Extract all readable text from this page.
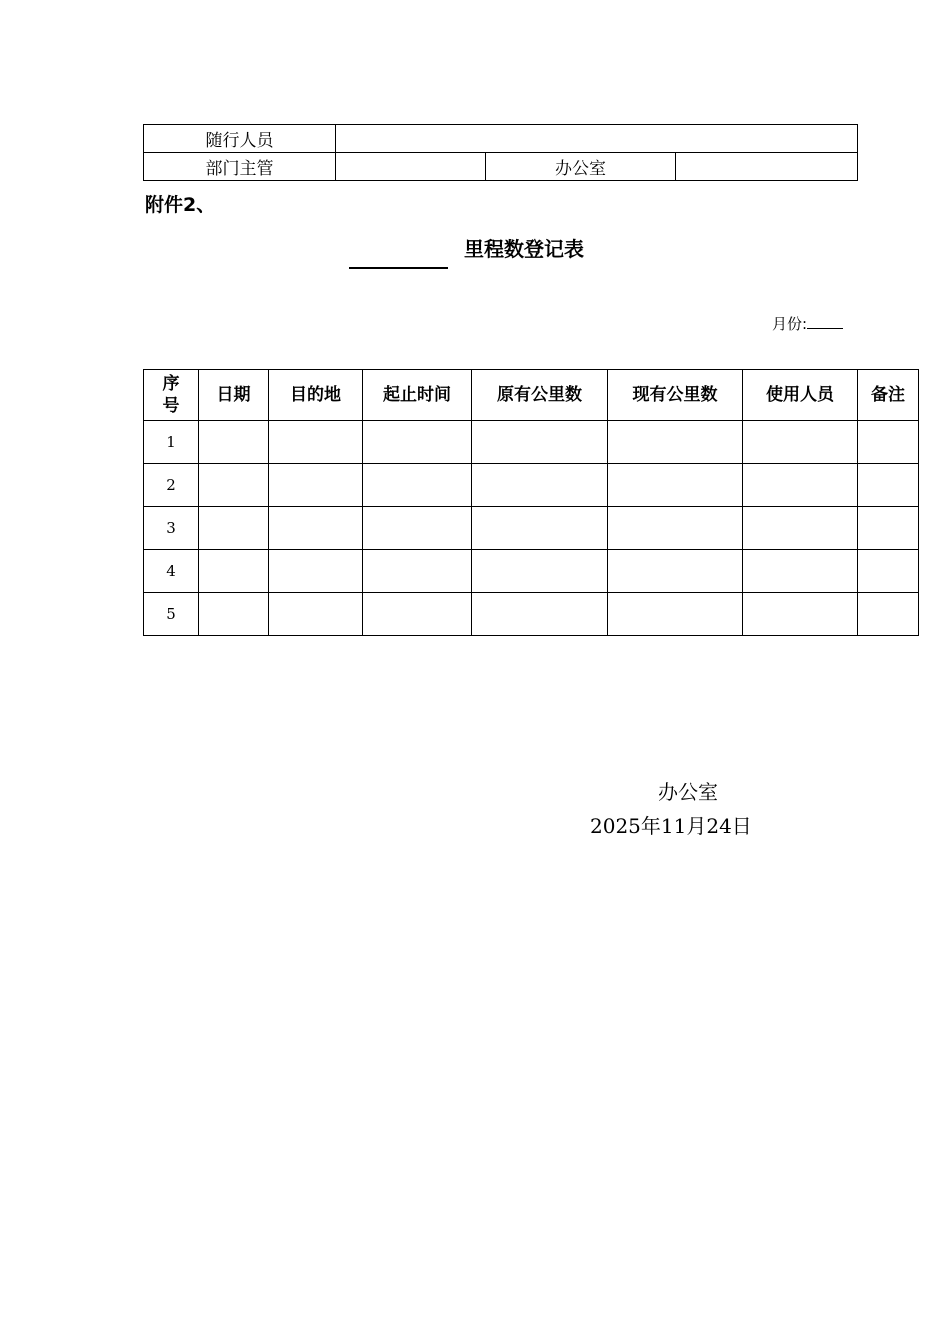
随行人员			
部门主管		办公室	
附件2、
里程数登记表
月份:
序号	日期	目的地	起止时间	原有公里数	现有公里数	使用人员	备注
1							
2							
3							
4							
5							
办公室
2025年11月24日
